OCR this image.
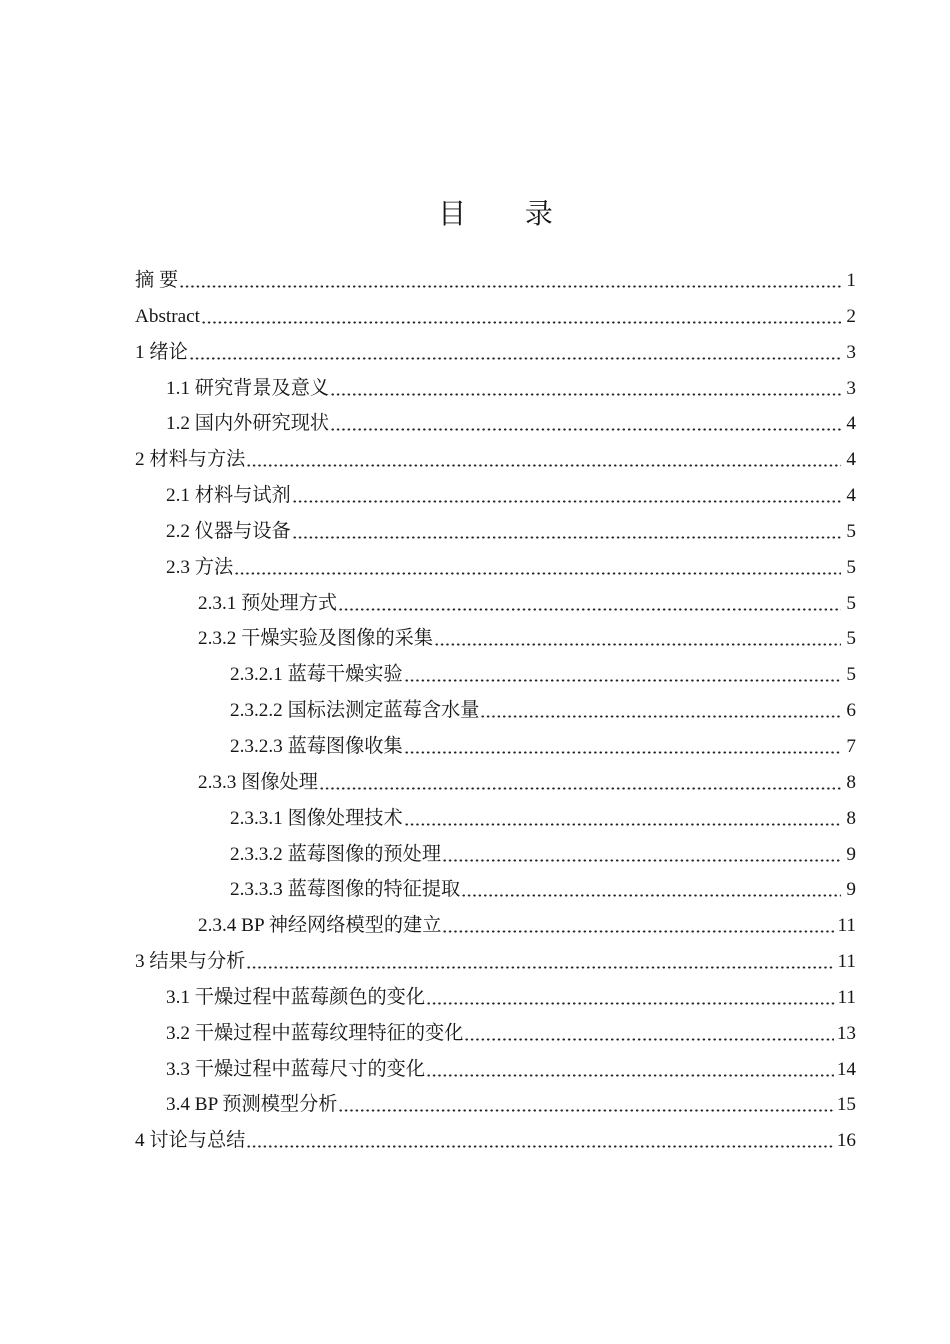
目　录
摘 要	1
Abstract	2
1 绪论	3
1.1 研究背景及意义	3
1.2 国内外研究现状	4
2 材料与方法	4
2.1 材料与试剂	4
2.2 仪器与设备	5
2.3 方法	5
2.3.1 预处理方式	5
2.3.2 干燥实验及图像的采集	5
2.3.2.1 蓝莓干燥实验	5
2.3.2.2 国标法测定蓝莓含水量	6
2.3.2.3 蓝莓图像收集	7
2.3.3 图像处理	8
2.3.3.1 图像处理技术	8
2.3.3.2 蓝莓图像的预处理	9
2.3.3.3 蓝莓图像的特征提取	9
2.3.4 BP 神经网络模型的建立	11
3 结果与分析	11
3.1 干燥过程中蓝莓颜色的变化	11
3.2 干燥过程中蓝莓纹理特征的变化	13
3.3 干燥过程中蓝莓尺寸的变化	14
3.4 BP 预测模型分析	15
4 讨论与总结	16
